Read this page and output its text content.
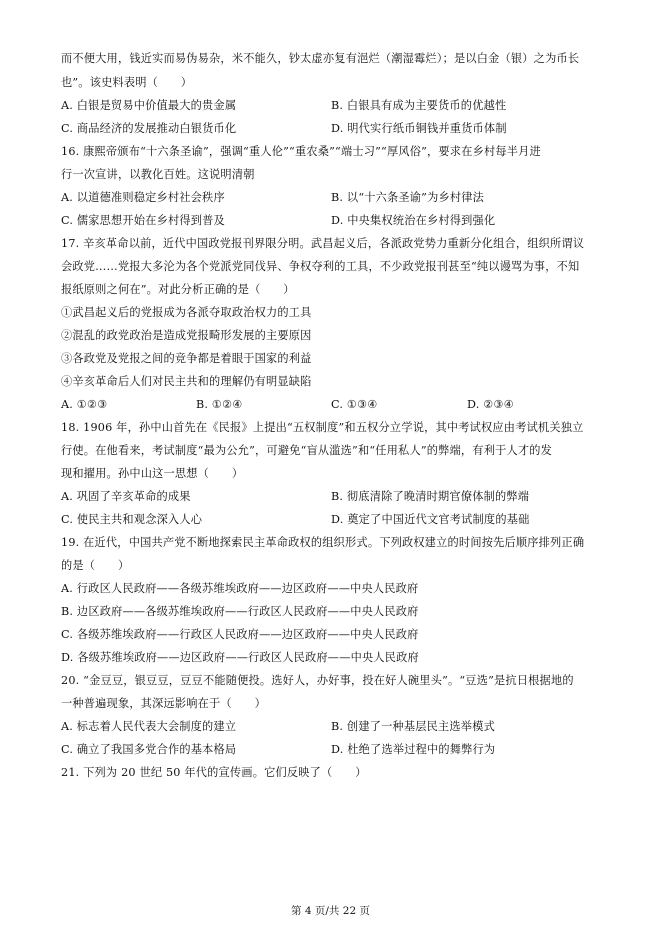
而不便大用，钱近实而易伪易杂，米不能久，钞太虚亦复有浥烂（潮湿霉烂）；是以白金（银）之为币长
也”。该史料表明（　　）
A. 白银是贸易中价值最大的贵金属	B. 白银具有成为主要货币的优越性
C. 商品经济的发展推动白银货币化	D. 明代实行纸币铜钱并重货币体制
16. 康熙帝颁布“十六条圣谕”，强调“重人伦”“重农桑”“端士习”“厚风俗”，要求在乡村每半月进
行一次宣讲，以教化百姓。这说明清朝
A. 以道德准则稳定乡村社会秩序	B. 以“十六条圣谕”为乡村律法
C. 儒家思想开始在乡村得到普及	D. 中央集权统治在乡村得到强化
17. 辛亥革命以前，近代中国政党报刊界限分明。武昌起义后，各派政党势力重新分化组合，组织所谓议
会政党……党报大多沦为各个党派党同伐异、争权夺利的工具，不少政党报刊甚至“纯以谩骂为事，不知
报纸原则之何在”。对此分析正确的是（　　）
①武昌起义后的党报成为各派夺取政治权力的工具
②混乱的政党政治是造成党报畸形发展的主要原因
③各政党及党报之间的竞争都是着眼于国家的利益
④辛亥革命后人们对民主共和的理解仍有明显缺陷
A. ①②③	B. ①②④	C. ①③④	D. ②③④
18. 1906 年，孙中山首先在《民报》上提出“五权制度”和五权分立学说，其中考试权应由考试机关独立
行使。在他看来，考试制度“最为公允”，可避免“盲从滥选”和“任用私人”的弊端，有利于人才的发
现和擢用。孙中山这一思想（　　）
A. 巩固了辛亥革命的成果	B. 彻底清除了晚清时期官僚体制的弊端
C. 使民主共和观念深入人心	D. 奠定了中国近代文官考试制度的基础
19. 在近代，中国共产党不断地探索民主革命政权的组织形式。下列政权建立的时间按先后顺序排列正确
的是（　　）
A. 行政区人民政府——各级苏维埃政府——边区政府——中央人民政府
B. 边区政府——各级苏维埃政府——行政区人民政府——中央人民政府
C. 各级苏维埃政府——行政区人民政府——边区政府——中央人民政府
D. 各级苏维埃政府——边区政府——行政区人民政府——中央人民政府
20. “金豆豆，银豆豆，豆豆不能随便投。选好人，办好事，投在好人碗里头”。“豆选”是抗日根据地的
一种普遍现象，其深远影响在于（　　）
A. 标志着人民代表大会制度的建立	B. 创建了一种基层民主选举模式
C. 确立了我国多党合作的基本格局	D. 杜绝了选举过程中的舞弊行为
21. 下列为 20 世纪 50 年代的宣传画。它们反映了（　　）
第 4 页/共 22 页
